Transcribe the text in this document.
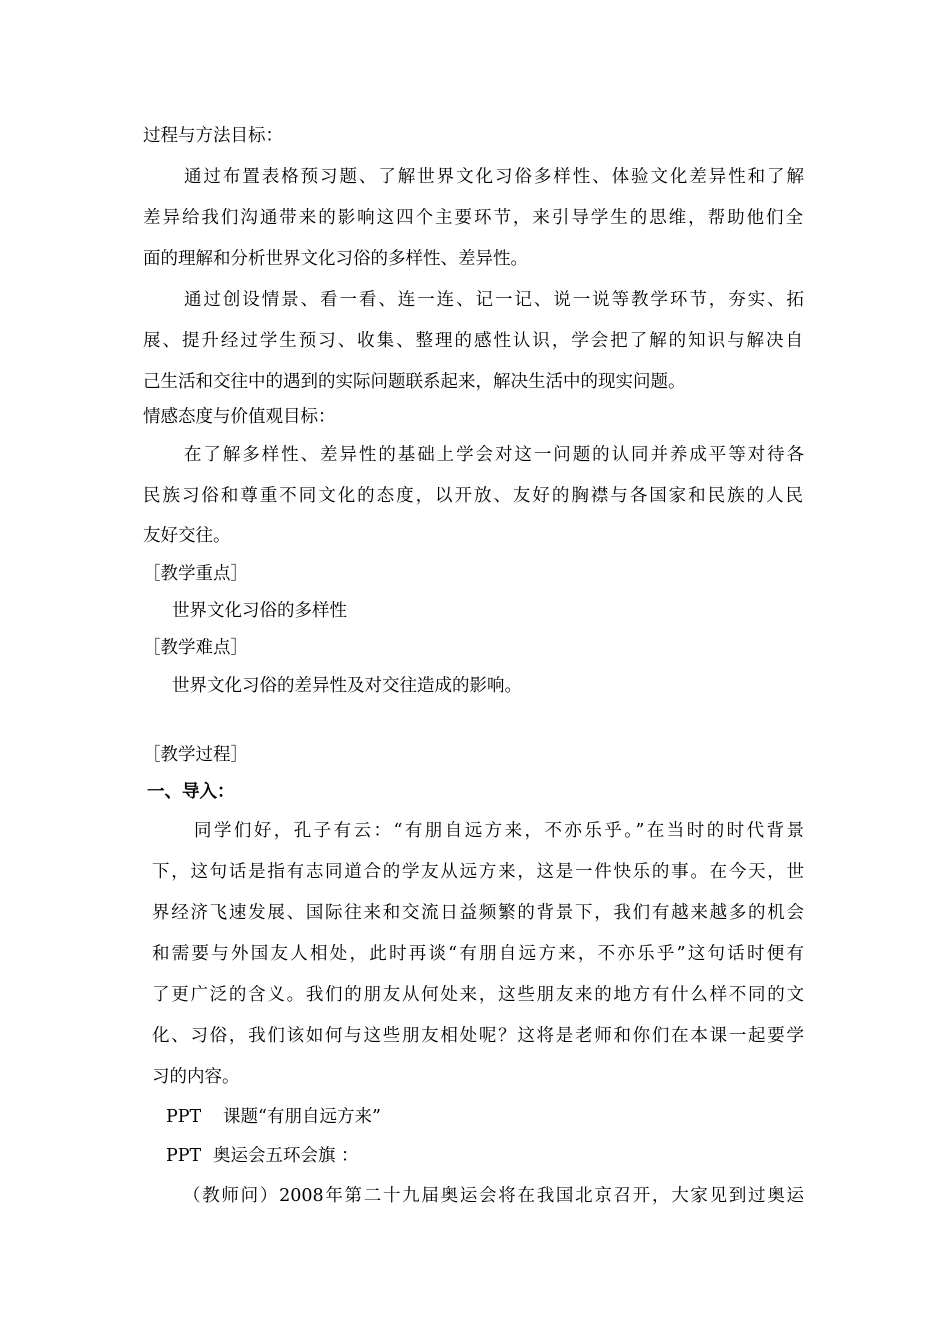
过程与方法目标：
通过布置表格预习题、了解世界文化习俗多样性、体验文化差异性和了解
差异给我们沟通带来的影响这四个主要环节，来引导学生的思维，帮助他们全
面的理解和分析世界文化习俗的多样性、差异性。
通过创设情景、看一看、连一连、记一记、说一说等教学环节，夯实、拓
展、提升经过学生预习、收集、整理的感性认识，学会把了解的知识与解决自
己生活和交往中的遇到的实际问题联系起来，解决生活中的现实问题。
情感态度与价值观目标：
在了解多样性、差异性的基础上学会对这一问题的认同并养成平等对待各
民族习俗和尊重不同文化的态度，以开放、友好的胸襟与各国家和民族的人民
友好交往。
［教学重点］
世界文化习俗的多样性
［教学难点］
世界文化习俗的差异性及对交往造成的影响。
［教学过程］
一、导入：
同学们好，孔子有云：“有朋自远方来，不亦乐乎。”在当时的时代背景
下，这句话是指有志同道合的学友从远方来，这是一件快乐的事。在今天，世
界经济飞速发展、国际往来和交流日益频繁的背景下，我们有越来越多的机会
和需要与外国友人相处，此时再谈“有朋自远方来，不亦乐乎”这句话时便有
了更广泛的含义。我们的朋友从何处来，这些朋友来的地方有什么样不同的文
化、习俗，我们该如何与这些朋友相处呢？这将是老师和你们在本课一起要学
习的内容。
PPT 课题“有朋自远方来”
PPT 奥运会五环会旗 ：
（教师问）2008年第二十九届奥运会将在我国北京召开，大家见到过奥运
